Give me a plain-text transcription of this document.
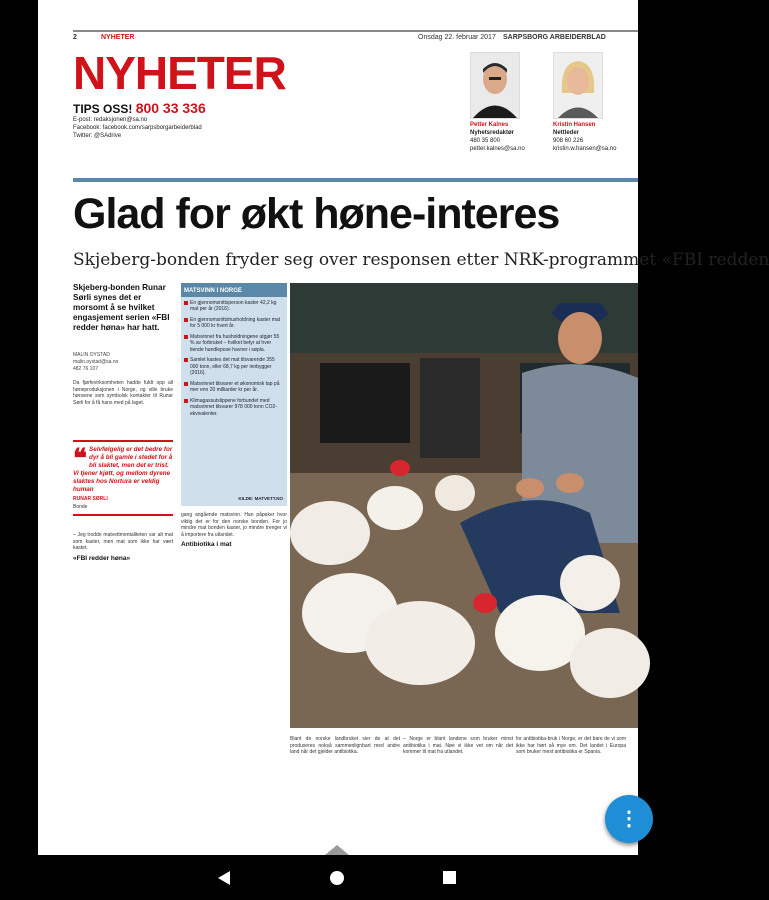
2	NYHETER	Onsdag 22. februar 2017 SARPSBORG ARBEIDERBLAD
NYHETER
TIPS OSS! 800 33 336
E-post: redaksjonen@sa.no
Facebook: facebook.com/sarpsborgarbeiderblad
Twitter: @SAdrive
Petter Kalnes
Nyhetsredaktør
480 35 800
petter.kalnes@sa.no
Kristin Hansen
Nettleder
908 60 226
kristin.w.hansen@sa.no
Glad for økt høne-interes
Skjeberg-bonden fryder seg over responsen etter NRK-programmet «FBI redden
Skjeberg-bonden Runar Sørli synes det er morsomt å se hvilket engasjement serien «FBI redder høna» har hatt.
MALIN OYSTAD
malin.oystad@sa.no
482 76 107
Da fjørfevirksomheten hadde fuldt opp all høneproduksjonen i Norge, og ville bruke hønsene som symbolsk kontakter til Runar Sørli for å få hans med på laget.
❝ Selvfølgelig er det bedre for dyr å bli gamle i stedet for å bli slaktet, men det er trist. Vi tjener kjøtt, og mellom dyrene slaktes hos Nortura er veldig human
RUNAR SØRLI
Bonde
– Jeg trodde matvettmentaliteten var alt mat som kaster, men mat som ikke har vært kastet.
«FBI redder høna»
MATSVINN I NORGE
En gjennomsnittsperson kaster 42,2 kg mat per år (2016).
En gjennomsnittshusholdning kaster mat for 5 000 kr hvert år.
Matsvinnet fra husholdningene utgjør 55 % av forbruket – hvilket betyr at hver tiende handlepose havner i søpla.
Samlet kastes det mat tilsvarende 355 000 tonn, eller 68,7 kg per innbygger (2016).
Matsvinnet tilsvarer et økonomisk tap på mer enn 20 milliarder kr per år.
Klimagassutslippene forbundet med matsvinnet tilsvarer 978 000 tonn CO2-ekvivalenter.
KILDE: MATVETT.NO
gang angående matsvinn. Han påpeker hvor viktig det er for den norske bonden. For jo mindre mat bonden kaster, jo mindre trenger vi å importere fra utlandet.
Antibiotika i mat
Blant de norske landbruket sier de at det produseres nokså sammenlignbart med andre land når det gjelder antibiotika.
– Norge er blant landene som bruker minst antibiotika i mat. Nøe vi ikke vet om når det kommer til mat fra utlandet.
for antibiotika-bruk i Norge, er det bare de vi som ikke har hørt så mye om. Det landet i Europa som bruker mest antibiotika er Spania.
⋮
